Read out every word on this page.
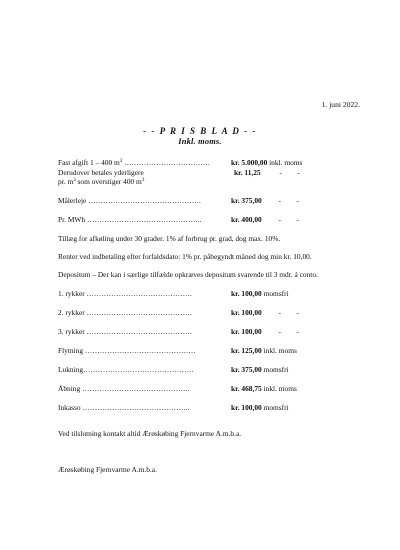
1. juni 2022.
- - P R I S B L A D - -
Inkl. moms.
Fast afgift 1 – 400 $m^3$ ……………………………..	kr. 5.000,00 inkl. moms
Derudover betales yderligere	kr. 11,25	- -
pr. $m^3$ som overstiger 400 $m^3$
Målerleje ……………………………………….	kr. 375,00 - -
Pr. MWh ………………………………………..	kr. 400,00 - -
Tillæg for afkøling under 30 grader. 1% af forbrug pr. grad, dog max. 10%.
Renter ved indbetaling efter forfaldsdato: 1% pr. påbegyndt måned dog min kr. 10,00.
Depositum – Der kan i særlige tilfælde opkræves depositum svarende til 3 mdr. á conto.
1. rykker …………………………………….	kr. 100,00 momsfri
2. rykker …………………………………….	kr. 100,00 - -
3. rykker …………………………………….	kr. 100,00 - -
Flytning ………………………………………	kr. 125,00 inkl. moms
Lukning………………………………………	kr. 375,00 momsfri
Åbning ……………………………………..	kr. 468,75 inkl. moms
Inkasso ……………………………………..	kr. 100,00 momsfri
Ved tilslutning kontakt altid Ærøskøbing Fjernvarme A.m.b.a.
Ærøskøbing Fjernvarme A.m.b.a.
